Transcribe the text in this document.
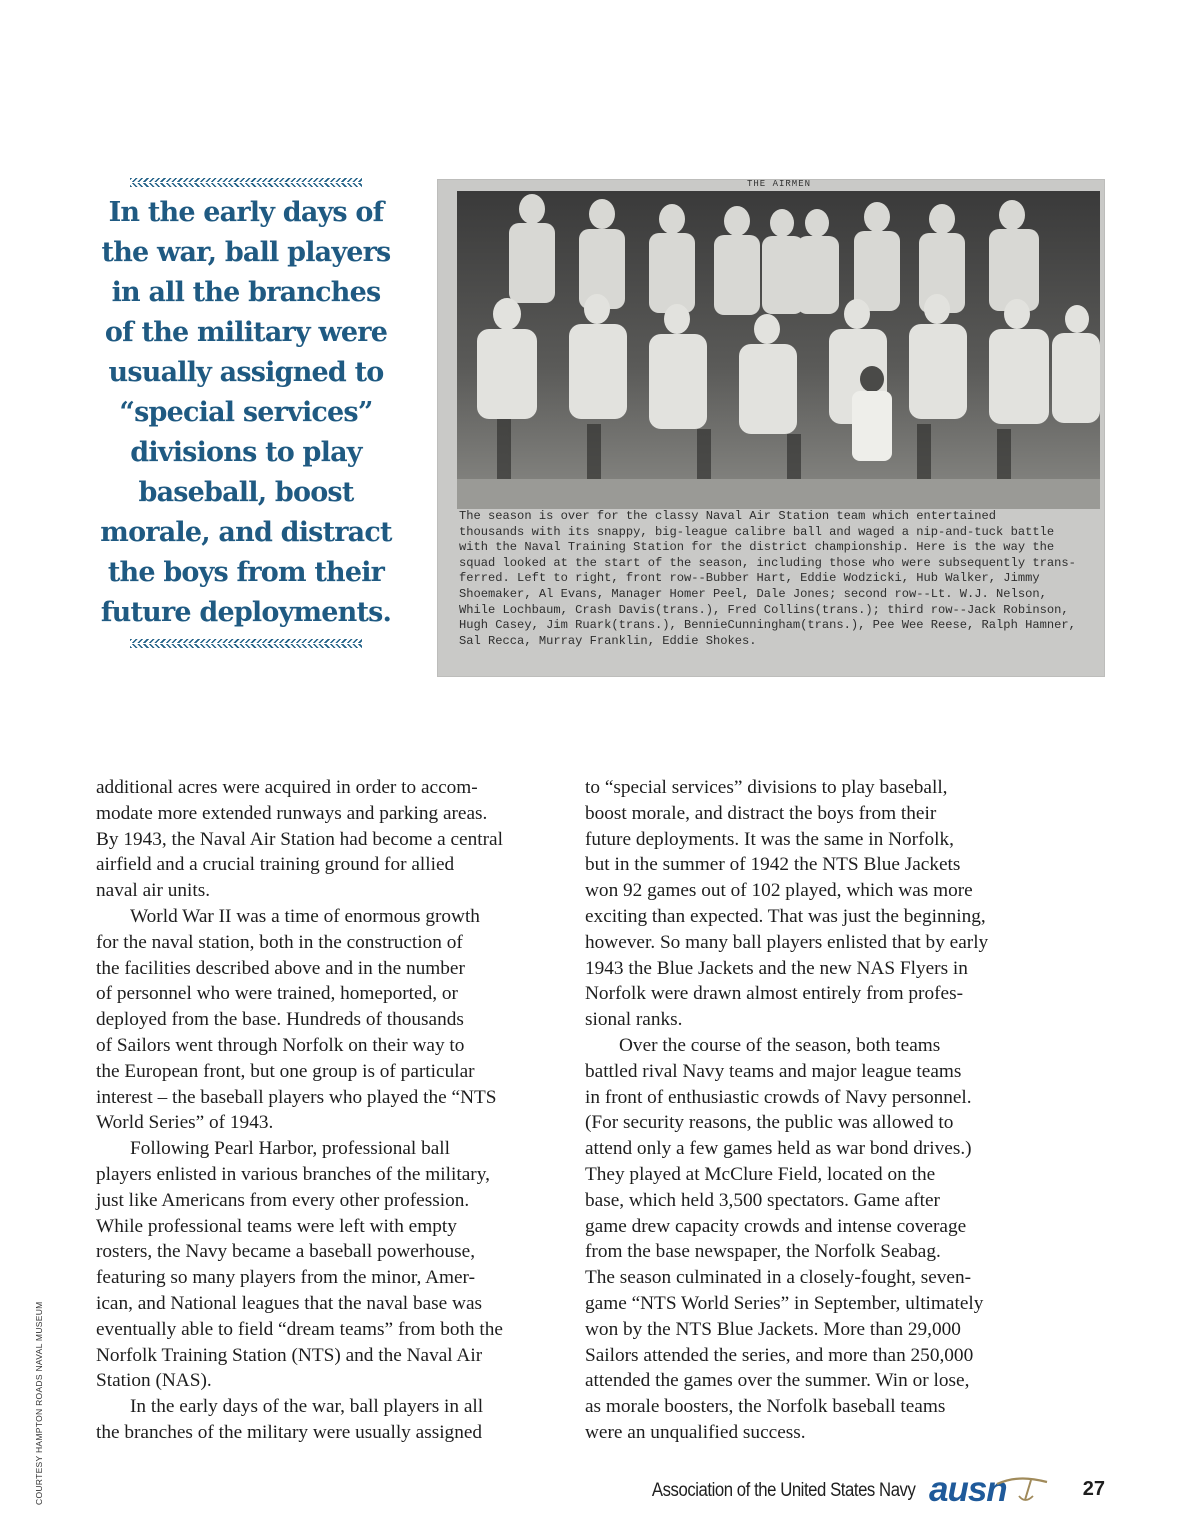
In the early days of
the war, ball players
in all the branches
of the military were
usually assigned to
“special services”
divisions to play
baseball, boost
morale, and distract
the boys from their
future deployments.
THE AIRMEN
The season is over for the classy Naval Air Station team which entertained
thousands with its snappy, big-league calibre ball and waged a nip-and-tuck battle
with the Naval Training Station for the district championship. Here is the way the
squad looked at the start of the season, including those who were subsequently trans-
ferred. Left to right, front row--Bubber Hart, Eddie Wodzicki, Hub Walker, Jimmy
Shoemaker, Al Evans, Manager Homer Peel, Dale Jones; second row--Lt. W.J. Nelson,
While Lochbaum, Crash Davis(trans.), Fred Collins(trans.); third row--Jack Robinson,
Hugh Casey, Jim Ruark(trans.), BennieCunningham(trans.), Pee Wee Reese, Ralph Hamner,
Sal Recca, Murray Franklin, Eddie Shokes.
additional acres were acquired in order to accom-
modate more extended runways and parking areas.
By 1943, the Naval Air Station had become a central
airfield and a crucial training ground for allied
naval air units.
World War II was a time of enormous growth
for the naval station, both in the construction of
the facilities described above and in the number
of personnel who were trained, homeported, or
deployed from the base. Hundreds of thousands
of Sailors went through Norfolk on their way to
the European front, but one group is of particular
interest – the baseball players who played the “NTS
World Series” of 1943.
Following Pearl Harbor, professional ball
players enlisted in various branches of the military,
just like Americans from every other profession.
While professional teams were left with empty
rosters, the Navy became a baseball powerhouse,
featuring so many players from the minor, Amer-
ican, and National leagues that the naval base was
eventually able to field “dream teams” from both the
Norfolk Training Station (NTS) and the Naval Air
Station (NAS).
In the early days of the war, ball players in all
the branches of the military were usually assigned
to “special services” divisions to play baseball,
boost morale, and distract the boys from their
future deployments. It was the same in Norfolk,
but in the summer of 1942 the NTS Blue Jackets
won 92 games out of 102 played, which was more
exciting than expected. That was just the beginning,
however. So many ball players enlisted that by early
1943 the Blue Jackets and the new NAS Flyers in
Norfolk were drawn almost entirely from profes-
sional ranks.
Over the course of the season, both teams
battled rival Navy teams and major league teams
in front of enthusiastic crowds of Navy personnel.
(For security reasons, the public was allowed to
attend only a few games held as war bond drives.)
They played at McClure Field, located on the
base, which held 3,500 spectators. Game after
game drew capacity crowds and intense coverage
from the base newspaper, the Norfolk Seabag.
The season culminated in a closely-fought, seven-
game “NTS World Series” in September, ultimately
won by the NTS Blue Jackets. More than 29,000
Sailors attended the series, and more than 250,000
attended the games over the summer. Win or lose,
as morale boosters, the Norfolk baseball teams
were an unqualified success.
COURTESY HAMPTON ROADS NAVAL MUSEUM	Association of the United States Navy ausn	27
